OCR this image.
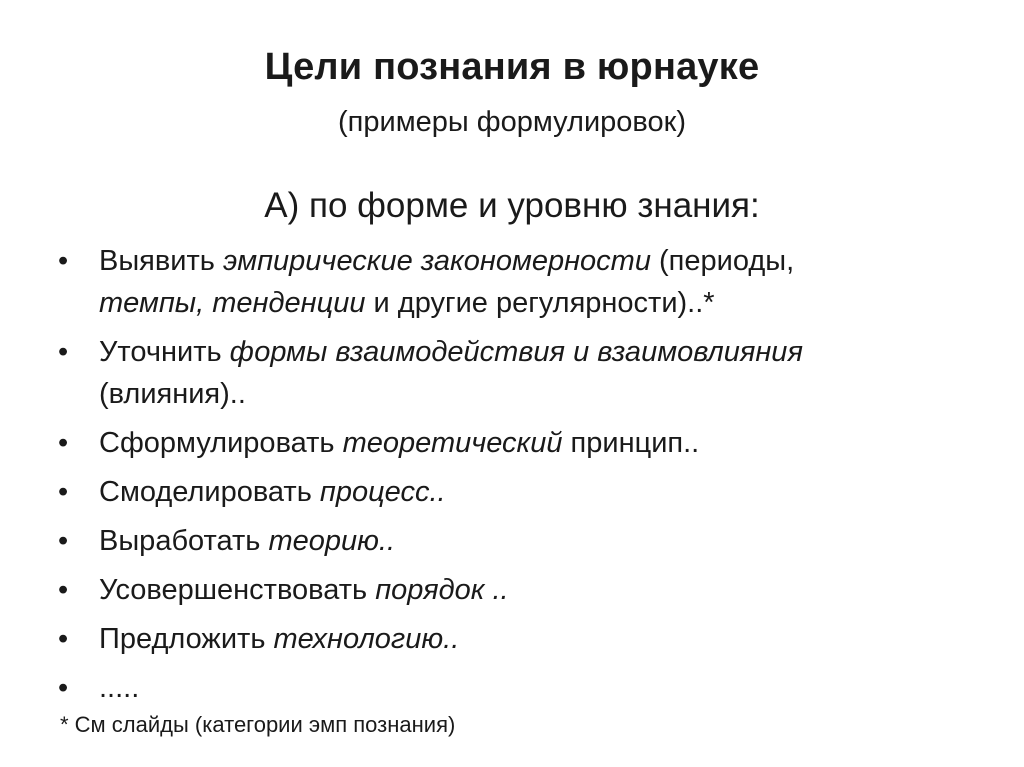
Цели познания в юрнауке
(примеры формулировок)
А) по форме и уровню знания:
• Выявить эмпирические закономерности (периоды,
темпы, тенденции и другие регулярности)..*
• Уточнить формы взаимодействия и взаимовлияния
(влияния)..
• Сформулировать теоретический принцип..
• Смоделировать процесс..
• Выработать теорию..
• Усовершенствовать порядок ..
• Предложить технологию..
• .....
* См слайды (категории эмп познания)
